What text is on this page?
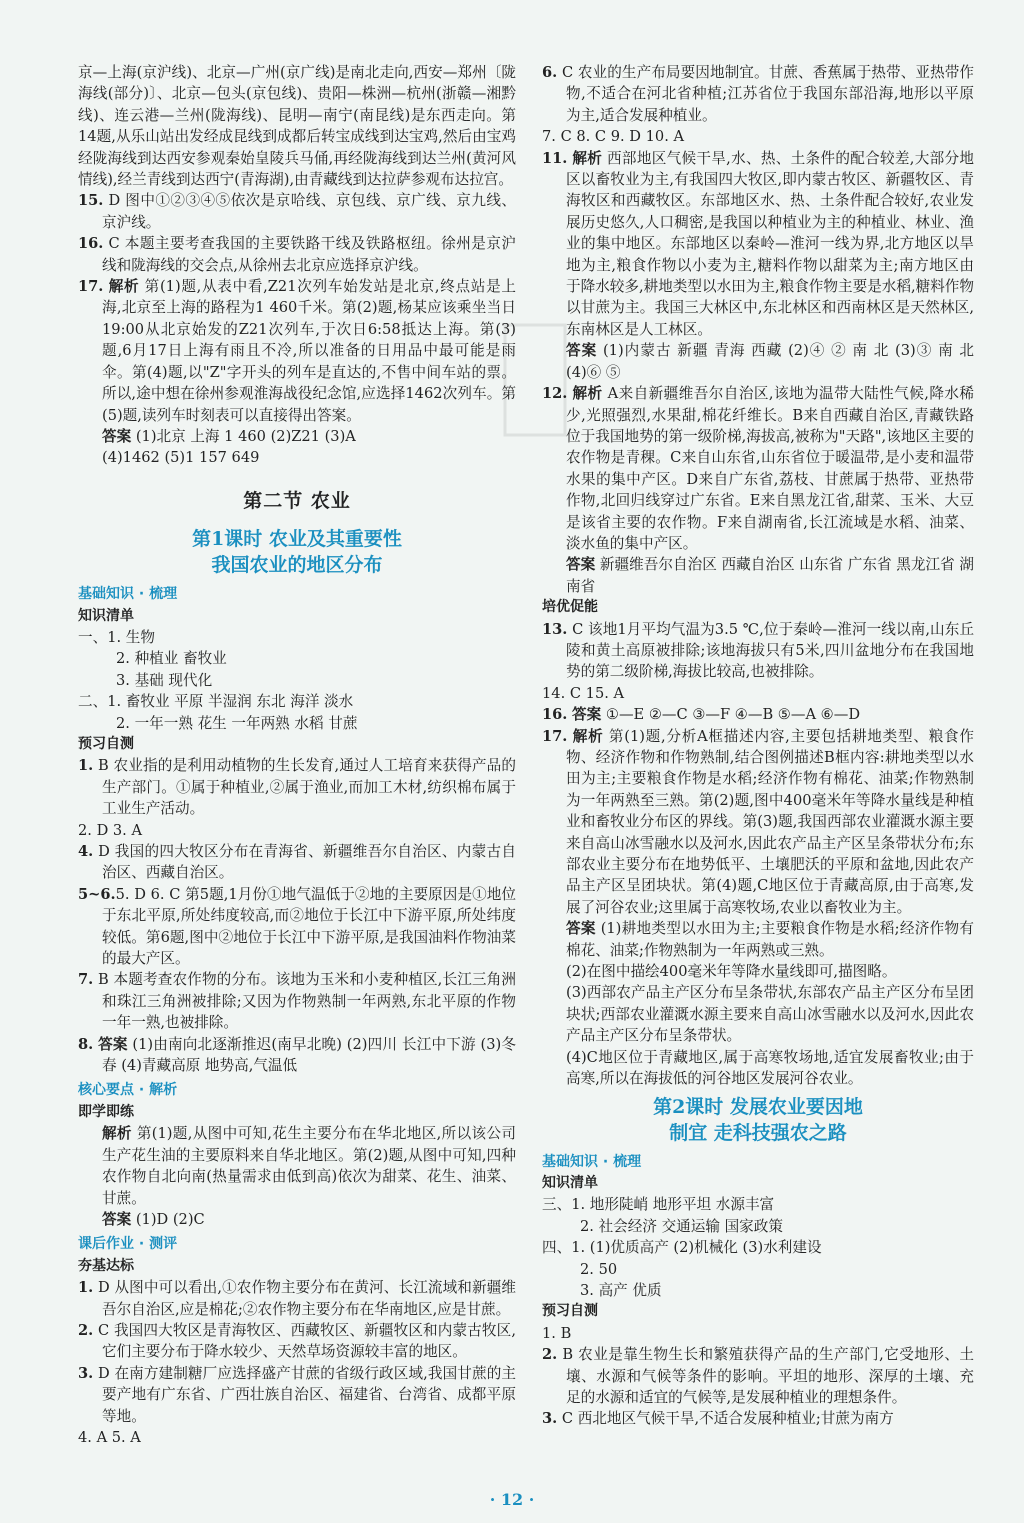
京—上海(京沪线)、北京—广州(京广线)是南北走向,西安—郑州〔陇海线(部分)〕、北京—包头(京包线)、贵阳—株洲—杭州(浙赣—湘黔线)、连云港—兰州(陇海线)、昆明—南宁(南昆线)是东西走向。第14题,从乐山站出发经成昆线到成都后转宝成线到达宝鸡,然后由宝鸡经陇海线到达西安参观秦始皇陵兵马俑,再经陇海线到达兰州(黄河风情线),经兰青线到达西宁(青海湖),由青藏线到达拉萨参观布达拉宫。

15. D 图中①②③④⑤依次是京哈线、京包线、京广线、京九线、京沪线。

16. C 本题主要考查我国的主要铁路干线及铁路枢纽。徐州是京沪线和陇海线的交会点,从徐州去北京应选择京沪线。

17. 解析 第(1)题,从表中看,Z21次列车始发站是北京,终点站是上海,北京至上海的路程为1 460千米。第(2)题,杨某应该乘坐当日19:00从北京始发的Z21次列车,于次日6:58抵达上海。第(3)题,6月17日上海有雨且不冷,所以准备的日用品中最可能是雨伞。第(4)题,以"Z"字开头的列车是直达的,不售中间车站的票。所以,途中想在徐州参观淮海战役纪念馆,应选择1462次列车。第(5)题,读列车时刻表可以直接得出答案。

答案 (1)北京 上海 1 460 (2)Z21 (3)A

(4)1462 (5)1 157 649

第二节 农业
第1课时 农业及其重要性
我国农业的地区分布
基础知识 · 梳理
知识清单

一、1. 生物

2. 种植业 畜牧业

3. 基础 现代化

二、1. 畜牧业 平原 半湿润 东北 海洋 淡水

2. 一年一熟 花生 一年两熟 水稻 甘蔗

预习自测

1. B 农业指的是利用动植物的生长发育,通过人工培育来获得产品的生产部门。①属于种植业,②属于渔业,而加工木材,纺织棉布属于工业生产活动。

2. D 3. A

4. D 我国的四大牧区分布在青海省、新疆维吾尔自治区、内蒙古自治区、西藏自治区。

5~6.5. D 6. C 第5题,1月份①地气温低于②地的主要原因是①地位于东北平原,所处纬度较高,而②地位于长江中下游平原,所处纬度较低。第6题,图中②地位于长江中下游平原,是我国油料作物油菜的最大产区。

7. B 本题考查农作物的分布。该地为玉米和小麦种植区,长江三角洲和珠江三角洲被排除;又因为作物熟制一年两熟,东北平原的作物一年一熟,也被排除。

8. 答案 (1)由南向北逐渐推迟(南早北晚) (2)四川 长江中下游 (3)冬 春 (4)青藏高原 地势高,气温低

核心要点 · 解析
即学即练

解析 第(1)题,从图中可知,花生主要分布在华北地区,所以该公司生产花生油的主要原料来自华北地区。第(2)题,从图中可知,四种农作物自北向南(热量需求由低到高)依次为甜菜、花生、油菜、甘蔗。

答案 (1)D (2)C

课后作业 · 测评
夯基达标

1. D 从图中可以看出,①农作物主要分布在黄河、长江流域和新疆维吾尔自治区,应是棉花;②农作物主要分布在华南地区,应是甘蔗。

2. C 我国四大牧区是青海牧区、西藏牧区、新疆牧区和内蒙古牧区,它们主要分布于降水较少、天然草场资源较丰富的地区。

3. D 在南方建制糖厂应选择盛产甘蔗的省级行政区域,我国甘蔗的主要产地有广东省、广西壮族自治区、福建省、台湾省、成都平原等地。

4. A 5. A

6. C 农业的生产布局要因地制宜。甘蔗、香蕉属于热带、亚热带作物,不适合在河北省种植;江苏省位于我国东部沿海,地形以平原为主,适合发展种植业。

7. C 8. C 9. D 10. A

11. 解析 西部地区气候干旱,水、热、土条件的配合较差,大部分地区以畜牧业为主,有我国四大牧区,即内蒙古牧区、新疆牧区、青海牧区和西藏牧区。东部地区水、热、土条件配合较好,农业发展历史悠久,人口稠密,是我国以种植业为主的种植业、林业、渔业的集中地区。东部地区以秦岭—淮河一线为界,北方地区以旱地为主,粮食作物以小麦为主,糖料作物以甜菜为主;南方地区由于降水较多,耕地类型以水田为主,粮食作物主要是水稻,糖料作物以甘蔗为主。我国三大林区中,东北林区和西南林区是天然林区,东南林区是人工林区。

答案 (1)内蒙古 新疆 青海 西藏 (2)④ ② 南 北 (3)③ 南 北 (4)⑥ ⑤

12. 解析 A来自新疆维吾尔自治区,该地为温带大陆性气候,降水稀少,光照强烈,水果甜,棉花纤维长。B来自西藏自治区,青藏铁路位于我国地势的第一级阶梯,海拔高,被称为"天路",该地区主要的农作物是青稞。C来自山东省,山东省位于暖温带,是小麦和温带水果的集中产区。D来自广东省,荔枝、甘蔗属于热带、亚热带作物,北回归线穿过广东省。E来自黑龙江省,甜菜、玉米、大豆是该省主要的农作物。F来自湖南省,长江流域是水稻、油菜、淡水鱼的集中产区。

答案 新疆维吾尔自治区 西藏自治区 山东省 广东省 黑龙江省 湖南省

培优促能

13. C 该地1月平均气温为3.5 ℃,位于秦岭—淮河一线以南,山东丘陵和黄土高原被排除;该地海拔只有5米,四川盆地分布在我国地势的第二级阶梯,海拔比较高,也被排除。

14. C 15. A

16. 答案 ①—E ②—C ③—F ④—B ⑤—A ⑥—D

17. 解析 第(1)题,分析A框描述内容,主要包括耕地类型、粮食作物、经济作物和作物熟制,结合图例描述B框内容:耕地类型以水田为主;主要粮食作物是水稻;经济作物有棉花、油菜;作物熟制为一年两熟至三熟。第(2)题,图中400毫米年等降水量线是种植业和畜牧业分布区的界线。第(3)题,我国西部农业灌溉水源主要来自高山冰雪融水以及河水,因此农产品主产区呈条带状分布;东部农业主要分布在地势低平、土壤肥沃的平原和盆地,因此农产品主产区呈团块状。第(4)题,C地区位于青藏高原,由于高寒,发展了河谷农业;这里属于高寒牧场,农业以畜牧业为主。

答案 (1)耕地类型以水田为主;主要粮食作物是水稻;经济作物有棉花、油菜;作物熟制为一年两熟或三熟。

(2)在图中描绘400毫米年等降水量线即可,描图略。

(3)西部农产品主产区分布呈条带状,东部农产品主产区分布呈团块状;西部农业灌溉水源主要来自高山冰雪融水以及河水,因此农产品主产区分布呈条带状。

(4)C地区位于青藏地区,属于高寒牧场地,适宜发展畜牧业;由于高寒,所以在海拔低的河谷地区发展河谷农业。

第2课时 发展农业要因地
制宜 走科技强农之路
基础知识 · 梳理
知识清单

三、1. 地形陡峭 地形平坦 水源丰富

2. 社会经济 交通运输 国家政策

四、1. (1)优质高产 (2)机械化 (3)水利建设

2. 50

3. 高产 优质

预习自测

1. B

2. B 农业是靠生物生长和繁殖获得产品的生产部门,它受地形、土壤、水源和气候等条件的影响。平坦的地形、深厚的土壤、充足的水源和适宜的气候等,是发展种植业的理想条件。

3. C 西北地区气候干旱,不适合发展种植业;甘蔗为南方

· 12 ·
